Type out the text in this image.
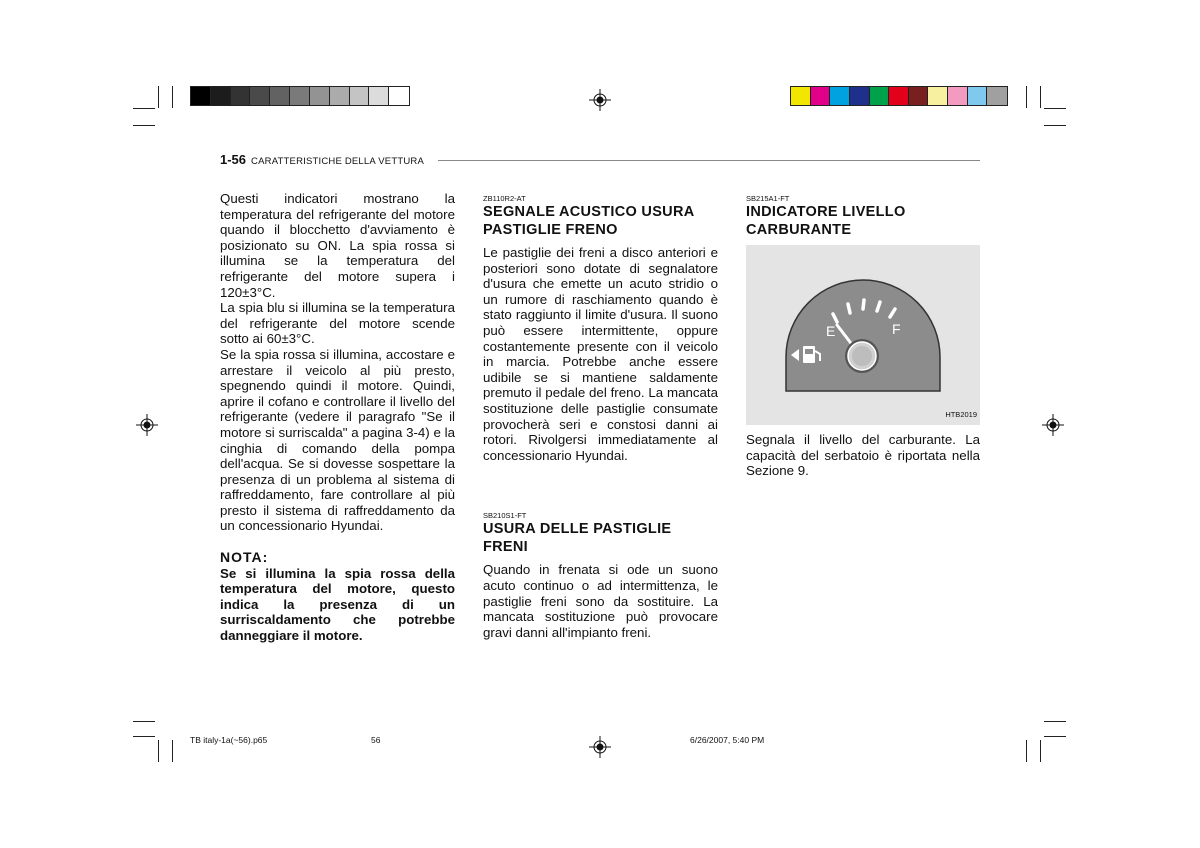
1-56 CARATTERISTICHE DELLA VETTURA

Questi indicatori mostrano la temperatura del refrigerante del motore quando il blocchetto d'avviamento è posizionato su ON. La spia rossa si illumina se la temperatura del refrigerante del motore supera i 120±3°C.

La spia blu si illumina se la temperatura del refrigerante del motore scende sotto ai 60±3°C.

Se la spia rossa si illumina, accostare e arrestare il veicolo al più presto, spegnendo quindi il motore. Quindi, aprire il cofano e controllare il livello del refrigerante (vedere il paragrafo "Se il motore si surriscalda" a pagina 3-4) e la cinghia di comando della pompa dell'acqua. Se si dovesse sospettare la presenza di un problema al sistema di raffreddamento, fare controllare al più presto il sistema di raffreddamento da un concessionario Hyundai.

NOTA:

Se si illumina la spia rossa della temperatura del motore, questo indica la presenza di un surriscaldamento che potrebbe danneggiare il motore.

ZB110R2-AT
SEGNALE ACUSTICO USURA PASTIGLIE FRENO

Le pastiglie dei freni a disco anteriori e posteriori sono dotate di segnalatore d'usura che emette un acuto stridio o un rumore di raschiamento quando è stato raggiunto il limite d'usura. Il suono può essere intermittente, oppure costantemente presente con il veicolo in marcia. Potrebbe anche essere udibile se si mantiene saldamente premuto il pedale del freno. La mancata sostituzione delle pastiglie consumate provocherà seri e constosi danni ai rotori. Rivolgersi immediatamente al concessionario Hyundai.

SB210S1-FT
USURA DELLE PASTIGLIE FRENI

Quando in frenata si ode un suono acuto continuo o ad intermittenza, le pastiglie freni sono da sostituire. La mancata sostituzione può provocare gravi danni all'impianto freni.

SB215A1-FT
INDICATORE LIVELLO CARBURANTE
E	F
HTB2019

Segnala il livello del carburante. La capacità del serbatoio è riportata nella Sezione 9.

TB italy-1a(~56).p65	56	6/26/2007, 5:40 PM
